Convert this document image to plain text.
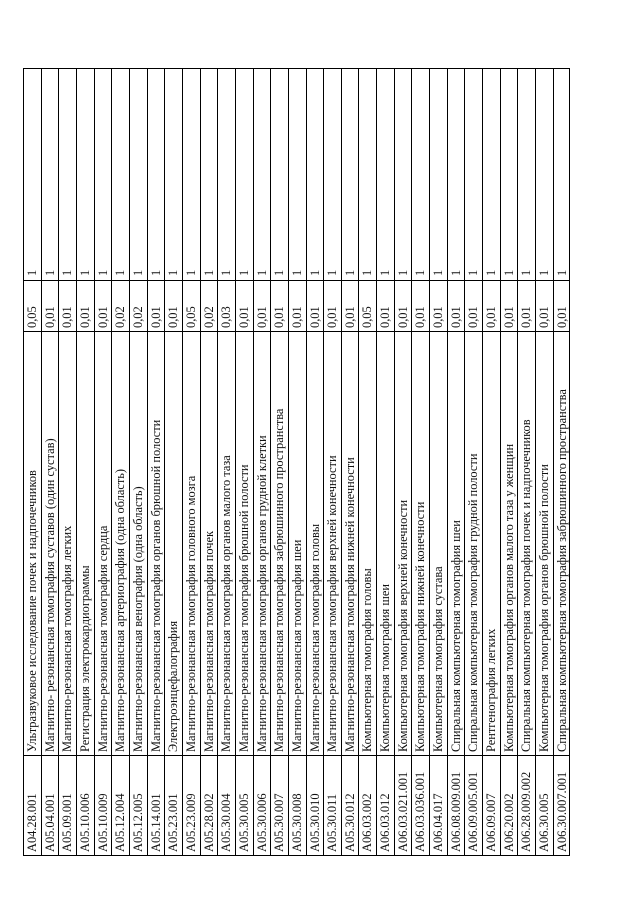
A04.28.001
Ультразвуковое исследование почек и надпочечников
0,05
1
A05.04.001
Магнитно- резонансная томография суставов (один сустав)
0,01
1
A05.09.001
Магнитно-резонансная томография легких
0,01
1
A05.10.006
Регистрация электрокардиограммы
0,01
1
A05.10.009
Магнитно-резонансная томография сердца
0,01
1
A05.12.004
Магнитно-резонансная артериография (одна область)
0,02
1
A05.12.005
Магнитно-резонансная венография (одна область)
0,02
1
A05.14.001
Магнитно-резонансная томография органов брюшной полости
0,01
1
A05.23.001
Электроэнцефалография
0,01
1
A05.23.009
Магнитно-резонансная томография головного мозга
0,05
1
A05.28.002
Магнитно-резонансная томография почек
0,02
1
A05.30.004
Магнитно-резонансная томография органов малого таза
0,03
1
A05.30.005
Магнитно-резонансная томография брюшной полости
0,01
1
A05.30.006
Магнитно-резонансная томография органов грудной клетки
0,01
1
A05.30.007
Магнитно-резонансная томография забрюшинного пространства
0,01
1
A05.30.008
Магнитно-резонансная томография шеи
0,01
1
A05.30.010
Магнитно-резонансная томография головы
0,01
1
A05.30.011
Магнитно-резонансная томография верхней конечности
0,01
1
A05.30.012
Магнитно-резонансная томография нижней конечности
0,01
1
A06.03.002
Компьютерная томография головы
0,05
1
A06.03.012
Компьютерная томография шеи
0,01
1
A06.03.021.001
Компьютерная томография верхней конечности
0,01
1
A06.03.036.001
Компьютерная томография нижней конечности
0,01
1
A06.04.017
Компьютерная томография сустава
0,01
1
A06.08.009.001
Спиральная компьютерная томография шеи
0,01
1
A06.09.005.001
Спиральная компьютерная томография грудной полости
0,01
1
A06.09.007
Рентгенография легких
0,01
1
A06.20.002
Компьютерная томография органов малого таза у женщин
0,01
1
A06.28.009.002
Спиральная компьютерная томография почек и надпочечников
0,01
1
A06.30.005
Компьютерная томография органов брюшной полости
0,01
1
A06.30.007.001
Спиральная компьютерная томография забрюшинного пространства
0,01
1
